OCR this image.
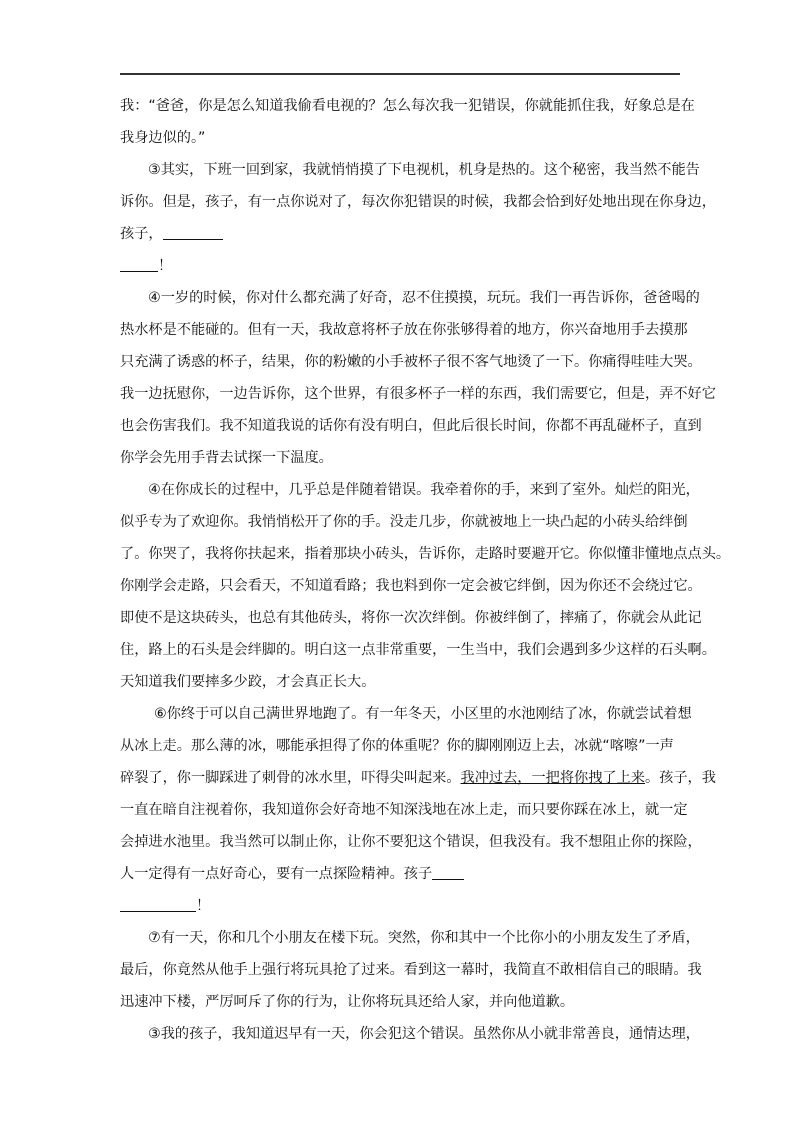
我：“爸爸，你是怎么知道我偷看电视的？怎么每次我一犯错误，你就能抓住我，好象总是在
我身边似的。”
③其实，下班一回到家，我就悄悄摸了下电视机，机身是热的。这个秘密，我当然不能告
诉你。但是，孩子，有一点你说对了，每次你犯错误的时候，我都会恰到好处地出现在你身边，
孩子，
！
④一岁的时候，你对什么都充满了好奇，忍不住摸摸，玩玩。我们一再告诉你，爸爸喝的
热水杯是不能碰的。但有一天，我故意将杯子放在你张够得着的地方，你兴奋地用手去摸那
只充满了诱惑的杯子，结果，你的粉嫩的小手被杯子很不客气地烫了一下。你痛得哇哇大哭。
我一边抚慰你，一边告诉你，这个世界，有很多杯子一样的东西，我们需要它，但是，弄不好它
也会伤害我们。我不知道我说的话你有没有明白，但此后很长时间，你都不再乱碰杯子，直到
你学会先用手背去试探一下温度。
④在你成长的过程中，几乎总是伴随着错误。我牵着你的手，来到了室外。灿烂的阳光，
似乎专为了欢迎你。我悄悄松开了你的手。没走几步，你就被地上一块凸起的小砖头给绊倒
了。你哭了，我将你扶起来，指着那块小砖头，告诉你，走路时要避开它。你似懂非懂地点点头。
你刚学会走路，只会看天，不知道看路；我也料到你一定会被它绊倒，因为你还不会绕过它。
即使不是这块砖头，也总有其他砖头，将你一次次绊倒。你被绊倒了，摔痛了，你就会从此记
住，路上的石头是会绊脚的。明白这一点非常重要，一生当中，我们会遇到多少这样的石头啊。
天知道我们要摔多少跤，才会真正长大。
⑥你终于可以自己满世界地跑了。有一年冬天，小区里的水池刚结了冰，你就尝试着想
从冰上走。那么薄的冰，哪能承担得了你的体重呢？你的脚刚刚迈上去，冰就“喀嚓”一声
碎裂了，你一脚踩进了刺骨的冰水里，吓得尖叫起来。我冲过去，一把将你拽了上来。孩子，我
一直在暗自注视着你，我知道你会好奇地不知深浅地在冰上走，而只要你踩在冰上，就一定
会掉进水池里。我当然可以制止你，让你不要犯这个错误，但我没有。我不想阻止你的探险，
人一定得有一点好奇心，要有一点探险精神。孩子
！
⑦有一天，你和几个小朋友在楼下玩。突然，你和其中一个比你小的小朋友发生了矛盾，
最后，你竟然从他手上强行将玩具抢了过来。看到这一幕时，我简直不敢相信自己的眼睛。我
迅速冲下楼，严厉呵斥了你的行为，让你将玩具还给人家，并向他道歉。
③我的孩子，我知道迟早有一天，你会犯这个错误。虽然你从小就非常善良，通情达理，
